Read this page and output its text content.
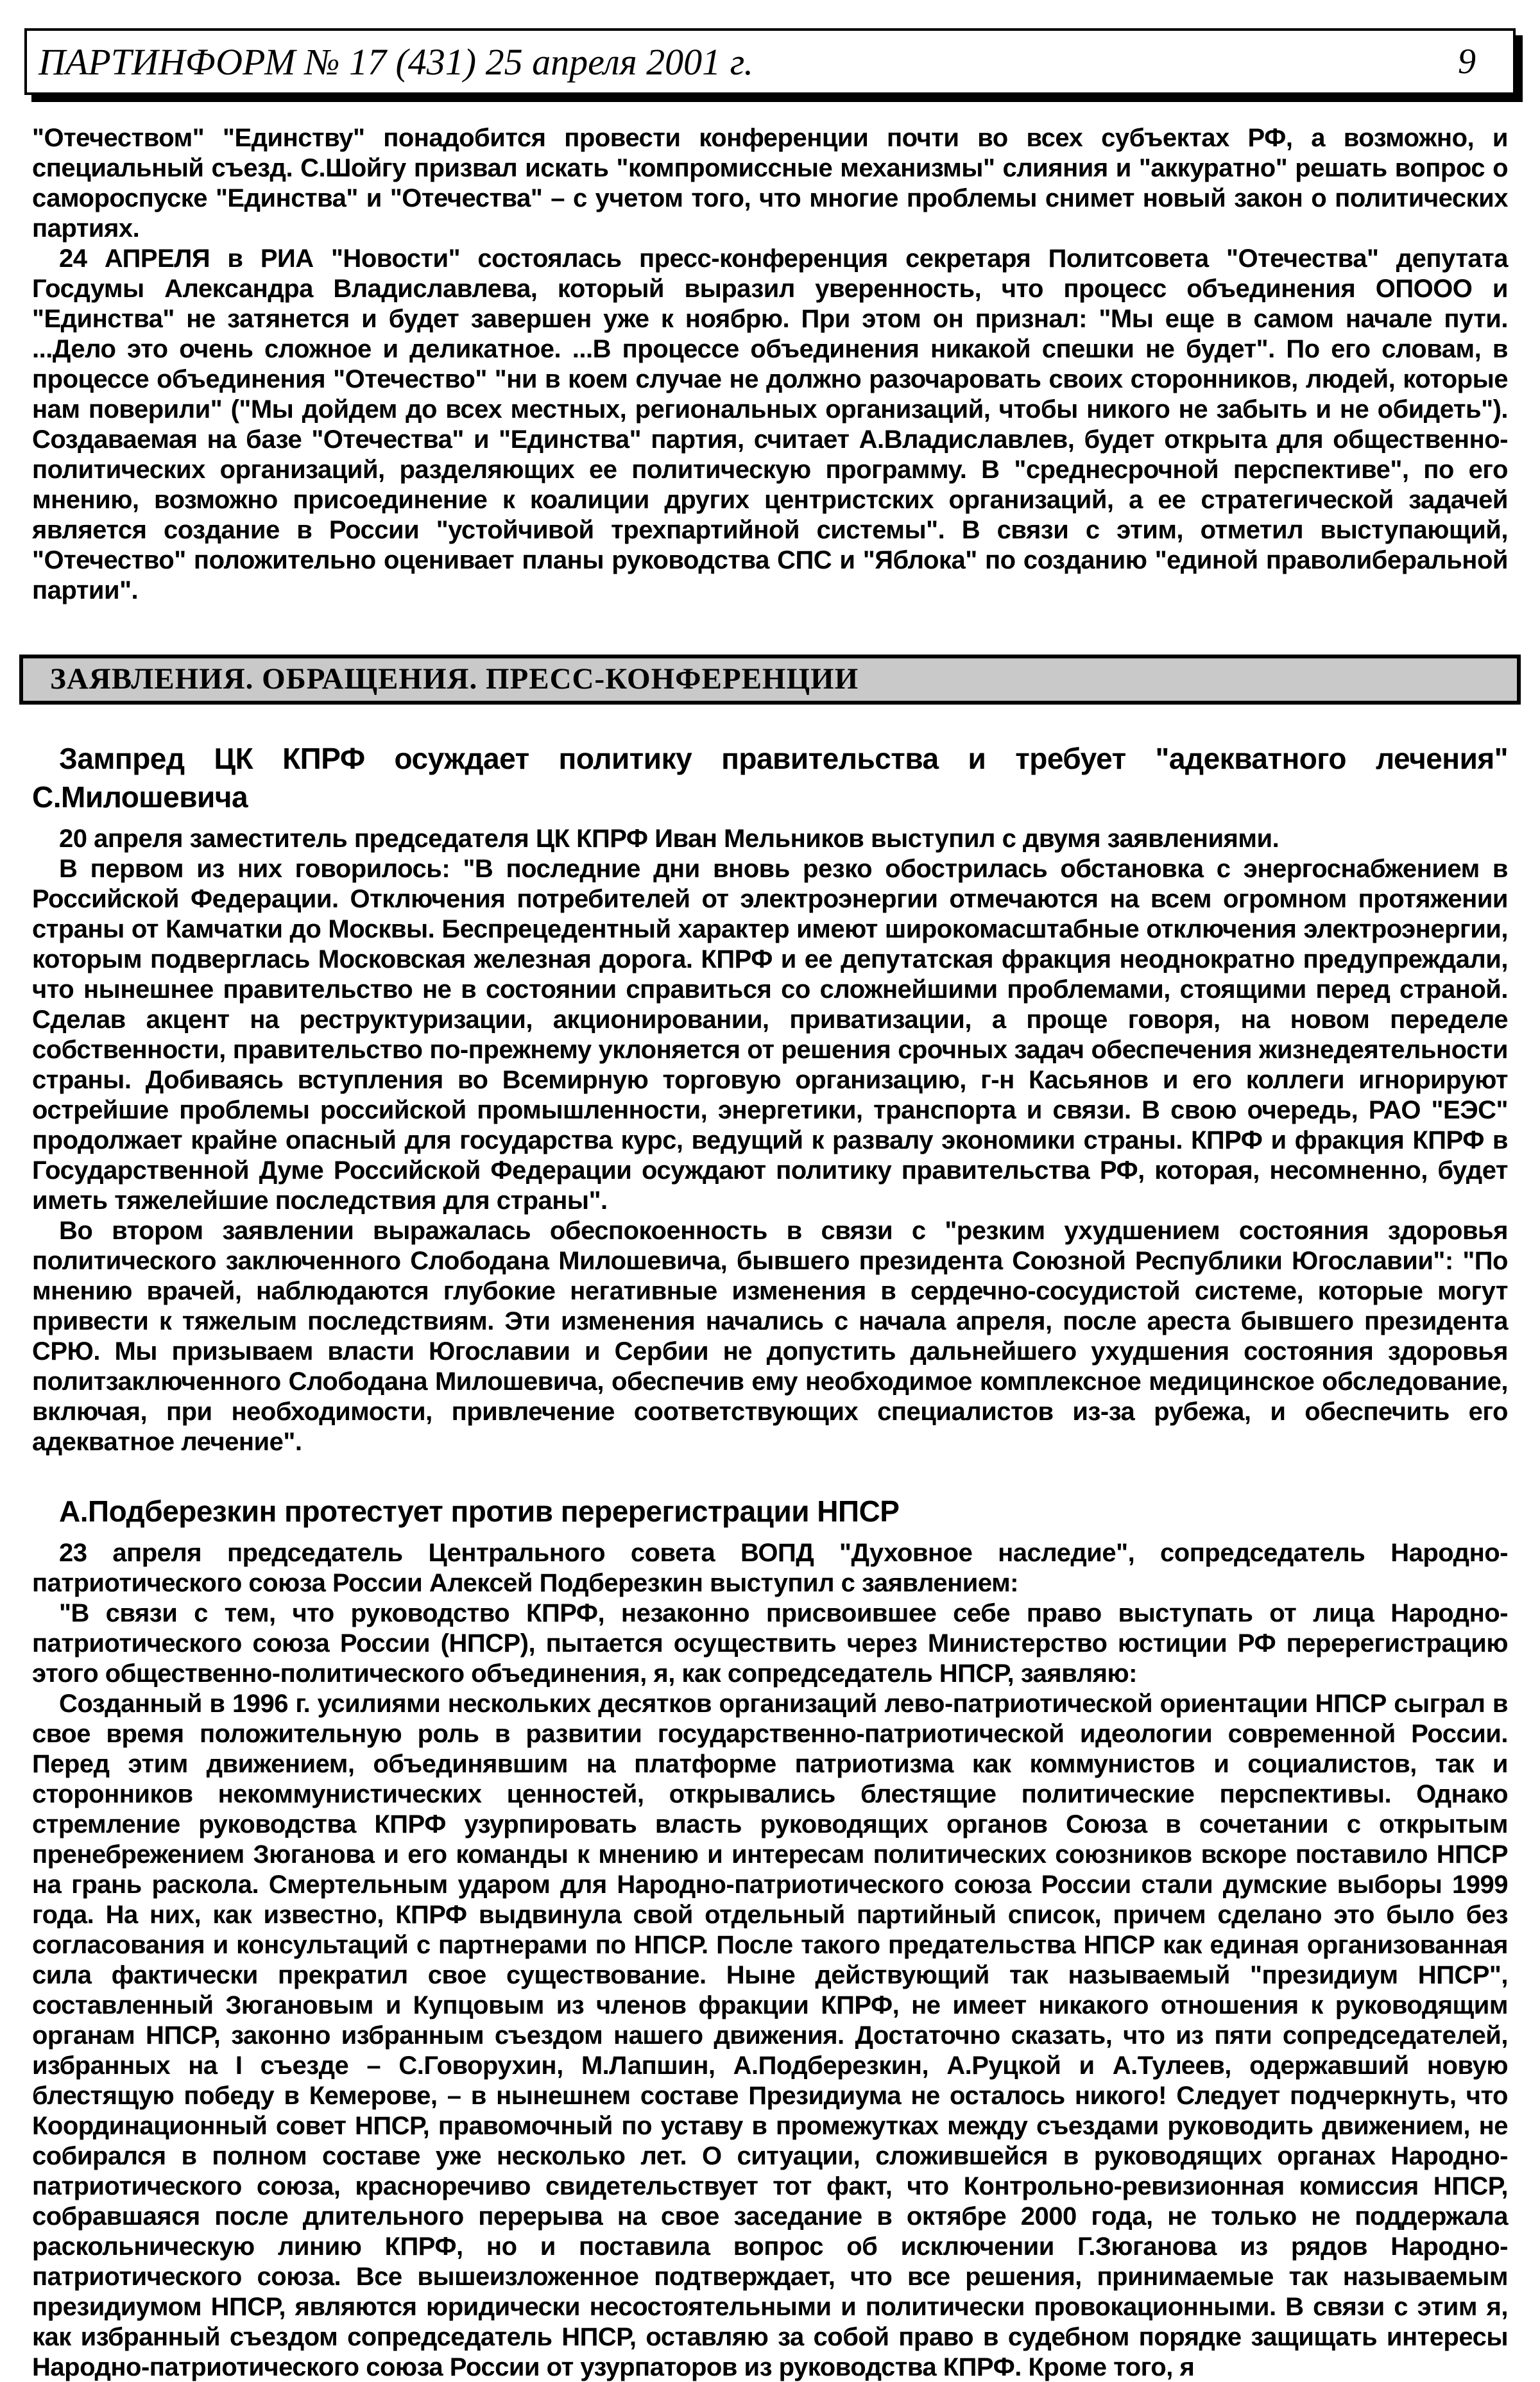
ПАРТИНФОРМ № 17 (431) 25 апреля 2001 г.	9

"Отечеством" "Единству" понадобится провести конференции почти во всех субъектах РФ, а возможно, и специальный съезд. С.Шойгу призвал искать "компромиссные механизмы" слияния и "аккуратно" решать вопрос о самороспуске "Единства" и "Отечества" – с учетом того, что многие проблемы снимет новый закон о политических партиях.

24 АПРЕЛЯ в РИА "Новости" состоялась пресс-конференция секретаря Политсовета "Отечества" депутата Госдумы Александра Владиславлева, который выразил уверенность, что процесс объединения ОПООО и "Единства" не затянется и будет завершен уже к ноябрю. При этом он признал: "Мы еще в самом начале пути. ...Дело это очень сложное и деликатное. ...В процессе объединения никакой спешки не будет". По его словам, в процессе объединения "Отечество" "ни в коем случае не должно разочаровать своих сторонников, людей, которые нам поверили" ("Мы дойдем до всех местных, региональных организаций, чтобы никого не забыть и не обидеть"). Создаваемая на базе "Отечества" и "Единства" партия, считает А.Владиславлев, будет открыта для общественно-политических организаций, разделяющих ее политическую программу. В "среднесрочной перспективе", по его мнению, возможно присоединение к коалиции других центристских организаций, а ее стратегической задачей является создание в России "устойчивой трехпартийной системы". В связи с этим, отметил выступающий, "Отечество" положительно оценивает планы руководства СПС и "Яблока" по созданию "единой праволиберальной партии".

ЗАЯВЛЕНИЯ. ОБРАЩЕНИЯ. ПРЕСС-КОНФЕРЕНЦИИ
Зампред ЦК КПРФ осуждает политику правительства и требует "адекватного лечения" С.Милошевича

20 апреля заместитель председателя ЦК КПРФ Иван Мельников выступил с двумя заявлениями.

В первом из них говорилось: "В последние дни вновь резко обострилась обстановка с энергоснабжением в Российской Федерации. Отключения потребителей от электроэнергии отмечаются на всем огромном протяжении страны от Камчатки до Москвы. Беспрецедентный характер имеют широкомасштабные отключения электроэнергии, которым подверглась Московская железная дорога. КПРФ и ее депутатская фракция неоднократно предупреждали, что нынешнее правительство не в состоянии справиться со сложнейшими проблемами, стоящими перед страной. Сделав акцент на реструктуризации, акционировании, приватизации, а проще говоря, на новом переделе собственности, правительство по-прежнему уклоняется от решения срочных задач обеспечения жизнедеятельности страны. Добиваясь вступления во Всемирную торговую организацию, г-н Касьянов и его коллеги игнорируют острейшие проблемы российской промышленности, энергетики, транспорта и связи. В свою очередь, РАО "ЕЭС" продолжает крайне опасный для государства курс, ведущий к развалу экономики страны. КПРФ и фракция КПРФ в Государственной Думе Российской Федерации осуждают политику правительства РФ, которая, несомненно, будет иметь тяжелейшие последствия для страны".

Во втором заявлении выражалась обеспокоенность в связи с "резким ухудшением состояния здоровья политического заключенного Слободана Милошевича, бывшего президента Союзной Республики Югославии": "По мнению врачей, наблюдаются глубокие негативные изменения в сердечно-сосудистой системе, которые могут привести к тяжелым последствиям. Эти изменения начались с начала апреля, после ареста бывшего президента СРЮ. Мы призываем власти Югославии и Сербии не допустить дальнейшего ухудшения состояния здоровья политзаключенного Слободана Милошевича, обеспечив ему необходимое комплексное медицинское обследование, включая, при необходимости, привлечение соответствующих специалистов из-за рубежа, и обеспечить его адекватное лечение".

А.Подберезкин протестует против перерегистрации НПСР

23 апреля председатель Центрального совета ВОПД "Духовное наследие", сопредседатель Народно-патриотического союза России Алексей Подберезкин выступил с заявлением:

"В связи с тем, что руководство КПРФ, незаконно присвоившее себе право выступать от лица Народно-патриотического союза России (НПСР), пытается осуществить через Министерство юстиции РФ перерегистрацию этого общественно-политического объединения, я, как сопредседатель НПСР, заявляю:

Созданный в 1996 г. усилиями нескольких десятков организаций лево-патриотической ориентации НПСР сыграл в свое время положительную роль в развитии государственно-патриотической идеологии современной России. Перед этим движением, объединявшим на платформе патриотизма как коммунистов и социалистов, так и сторонников некоммунистических ценностей, открывались блестящие политические перспективы. Однако стремление руководства КПРФ узурпировать власть руководящих органов Союза в сочетании с открытым пренебрежением Зюганова и его команды к мнению и интересам политических союзников вскоре поставило НПСР на грань раскола. Смертельным ударом для Народно-патриотического союза России стали думские выборы 1999 года. На них, как известно, КПРФ выдвинула свой отдельный партийный список, причем сделано это было без согласования и консультаций с партнерами по НПСР. После такого предательства НПСР как единая организованная сила фактически прекратил свое существование. Ныне действующий так называемый "президиум НПСР", составленный Зюгановым и Купцовым из членов фракции КПРФ, не имеет никакого отношения к руководящим органам НПСР, законно избранным съездом нашего движения. Достаточно сказать, что из пяти сопредседателей, избранных на I съезде – С.Говорухин, М.Лапшин, А.Подберезкин, А.Руцкой и А.Тулеев, одержавший новую блестящую победу в Кемерове, – в нынешнем составе Президиума не осталось никого! Следует подчеркнуть, что Координационный совет НПСР, правомочный по уставу в промежутках между съездами руководить движением, не собирался в полном составе уже несколько лет. О ситуации, сложившейся в руководящих органах Народно-патриотического союза, красноречиво свидетельствует тот факт, что Контрольно-ревизионная комиссия НПСР, собравшаяся после длительного перерыва на свое заседание в октябре 2000 года, не только не поддержала раскольническую линию КПРФ, но и поставила вопрос об исключении Г.Зюганова из рядов Народно-патриотического союза. Все вышеизложенное подтверждает, что все решения, принимаемые так называемым президиумом НПСР, являются юридически несостоятельными и политически провокационными. В связи с этим я, как избранный съездом сопредседатель НПСР, оставляю за собой право в судебном порядке защищать интересы Народно-патриотического союза России от узурпаторов из руководства КПРФ. Кроме того, я
